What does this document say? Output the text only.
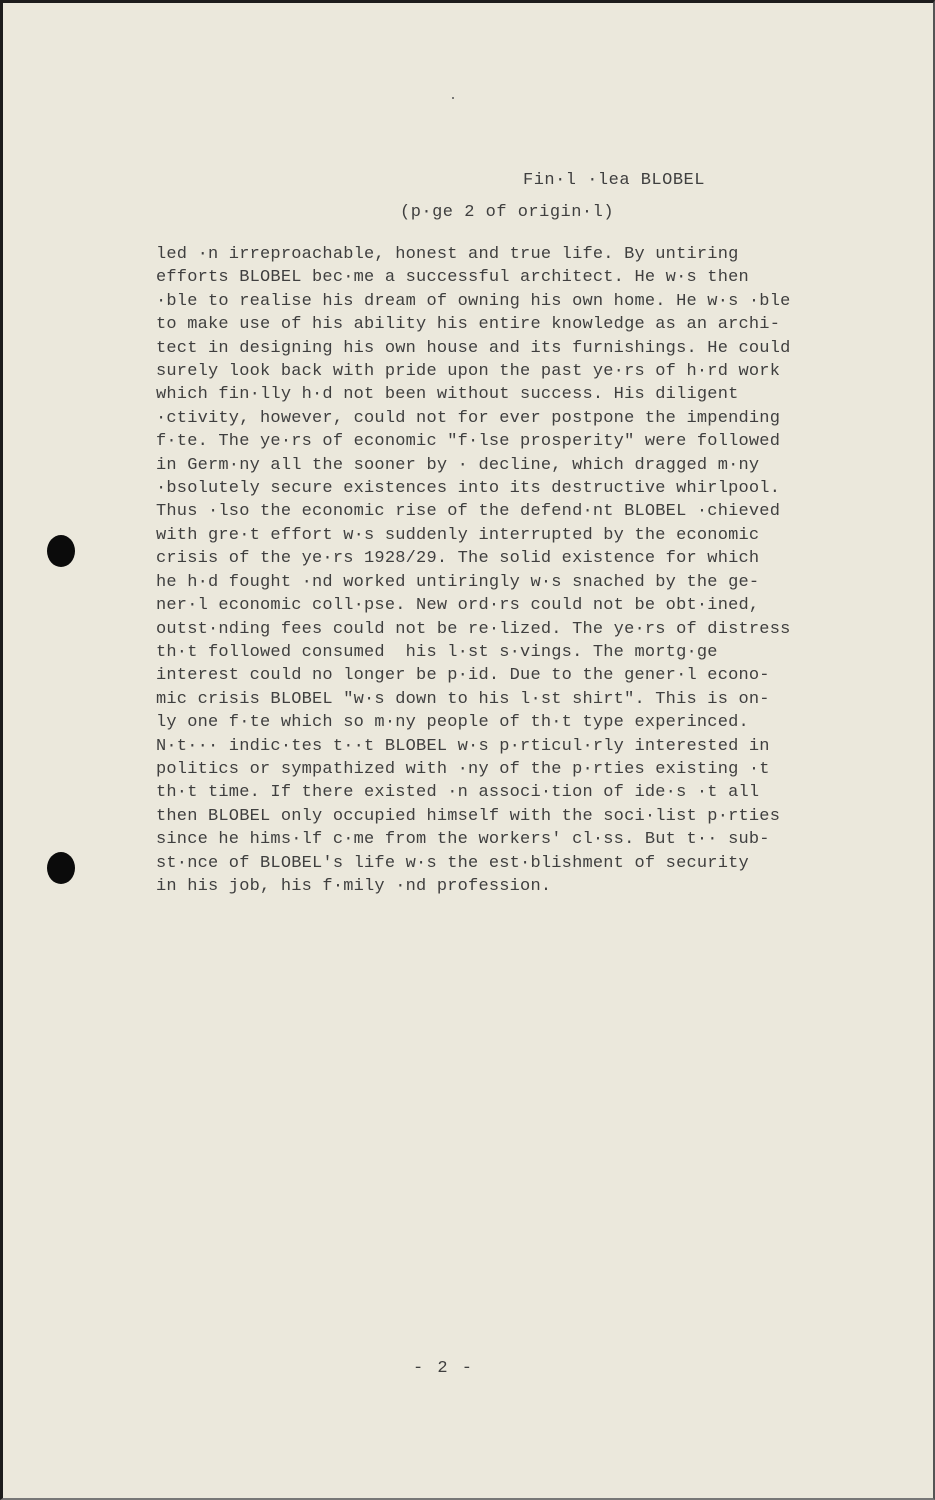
Fin·l ·lea BLOBEL
(p·ge 2 of origin·l)
led ·n irreproachable, honest and true life. By untiring
efforts BLOBEL bec·me a successful architect. He w·s then
·ble to realise his dream of owning his own home. He w·s ·ble
to make use of his ability his entire knowledge as an archi-
tect in designing his own house and its furnishings. He could
surely look back with pride upon the past ye·rs of h·rd work
which fin·lly h·d not been without success. His diligent
·ctivity, however, could not for ever postpone the impending
f·te. The ye·rs of economic "f·lse prosperity" were followed
in Germ·ny all the sooner by · decline, which dragged m·ny
·bsolutely secure existences into its destructive whirlpool.
Thus ·lso the economic rise of the defend·nt BLOBEL ·chieved
with gre·t effort w·s suddenly interrupted by the economic
crisis of the ye·rs 1928/29. The solid existence for which
he h·d fought ·nd worked untiringly w·s snached by the ge-
ner·l economic coll·pse. New ord·rs could not be obt·ined,
outst·nding fees could not be re·lized. The ye·rs of distress
th·t followed consumed  his l·st s·vings. The mortg·ge
interest could no longer be p·id. Due to the gener·l econo-
mic crisis BLOBEL "w·s down to his l·st shirt". This is on-
ly one f·te which so m·ny people of th·t type experinced.
N·t··· indic·tes t··t BLOBEL w·s p·rticul·rly interested in
politics or sympathized with ·ny of the p·rties existing ·t
th·t time. If there existed ·n associ·tion of ide·s ·t all
then BLOBEL only occupied himself with the soci·list p·rties
since he hims·lf c·me from the workers' cl·ss. But t·· sub-
st·nce of BLOBEL's life w·s the est·blishment of security
in his job, his f·mily ·nd profession.
- 2 -
